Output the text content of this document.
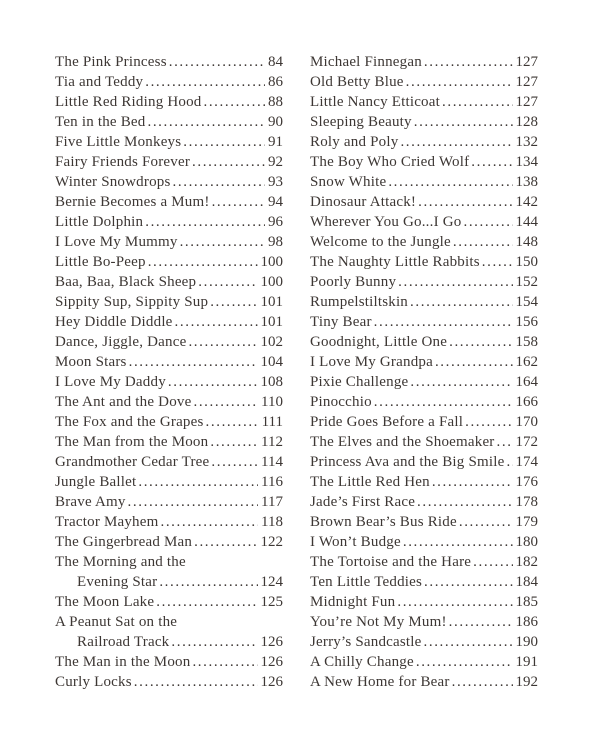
The Pink Princess .....	84
Tia and Teddy .....	86
Little Red Riding Hood .....	88
Ten in the Bed .....	90
Five Little Monkeys .....	91
Fairy Friends Forever .....	92
Winter Snowdrops .....	93
Bernie Becomes a Mum! .....	94
Little Dolphin .....	96
I Love My Mummy .....	98
Little Bo-Peep .....	100
Baa, Baa, Black Sheep .....	100
Sippity Sup, Sippity Sup .....	101
Hey Diddle Diddle .....	101
Dance, Jiggle, Dance .....	102
Moon Stars .....	104
I Love My Daddy .....	108
The Ant and the Dove .....	110
The Fox and the Grapes .....	111
The Man from the Moon .....	112
Grandmother Cedar Tree .....	114
Jungle Ballet .....	116
Brave Amy .....	117
Tractor Mayhem .....	118
The Gingerbread Man .....	122
The Morning and the
Evening Star .....	124
The Moon Lake .....	125
A Peanut Sat on the
Railroad Track .....	126
The Man in the Moon .....	126
Curly Locks .....	126
Michael Finnegan .....	127
Old Betty Blue .....	127
Little Nancy Etticoat .....	127
Sleeping Beauty .....	128
Roly and Poly .....	132
The Boy Who Cried Wolf .....	134
Snow White .....	138
Dinosaur Attack! .....	142
Wherever You Go...I Go .....	144
Welcome to the Jungle .....	148
The Naughty Little Rabbits ..... 150
Poorly Bunny .....	152
Rumpelstiltskin .....	154
Tiny Bear .....	156
Goodnight, Little One .....	158
I Love My Grandpa .....	162
Pixie Challenge .....	164
Pinocchio .....	166
Pride Goes Before a Fall .....	170
The Elves and the Shoemaker ..... 172
Princess Ava and the Big Smile ..... 174
The Little Red Hen .....	176
Jade’s First Race .....	178
Brown Bear’s Bus Ride .....	179
I Won’t Budge .....	180
The Tortoise and the Hare .....	182
Ten Little Teddies .....	184
Midnight Fun .....	185
You’re Not My Mum! .....	186
Jerry’s Sandcastle .....	190
A Chilly Change .....	191
A New Home for Bear .....	192
